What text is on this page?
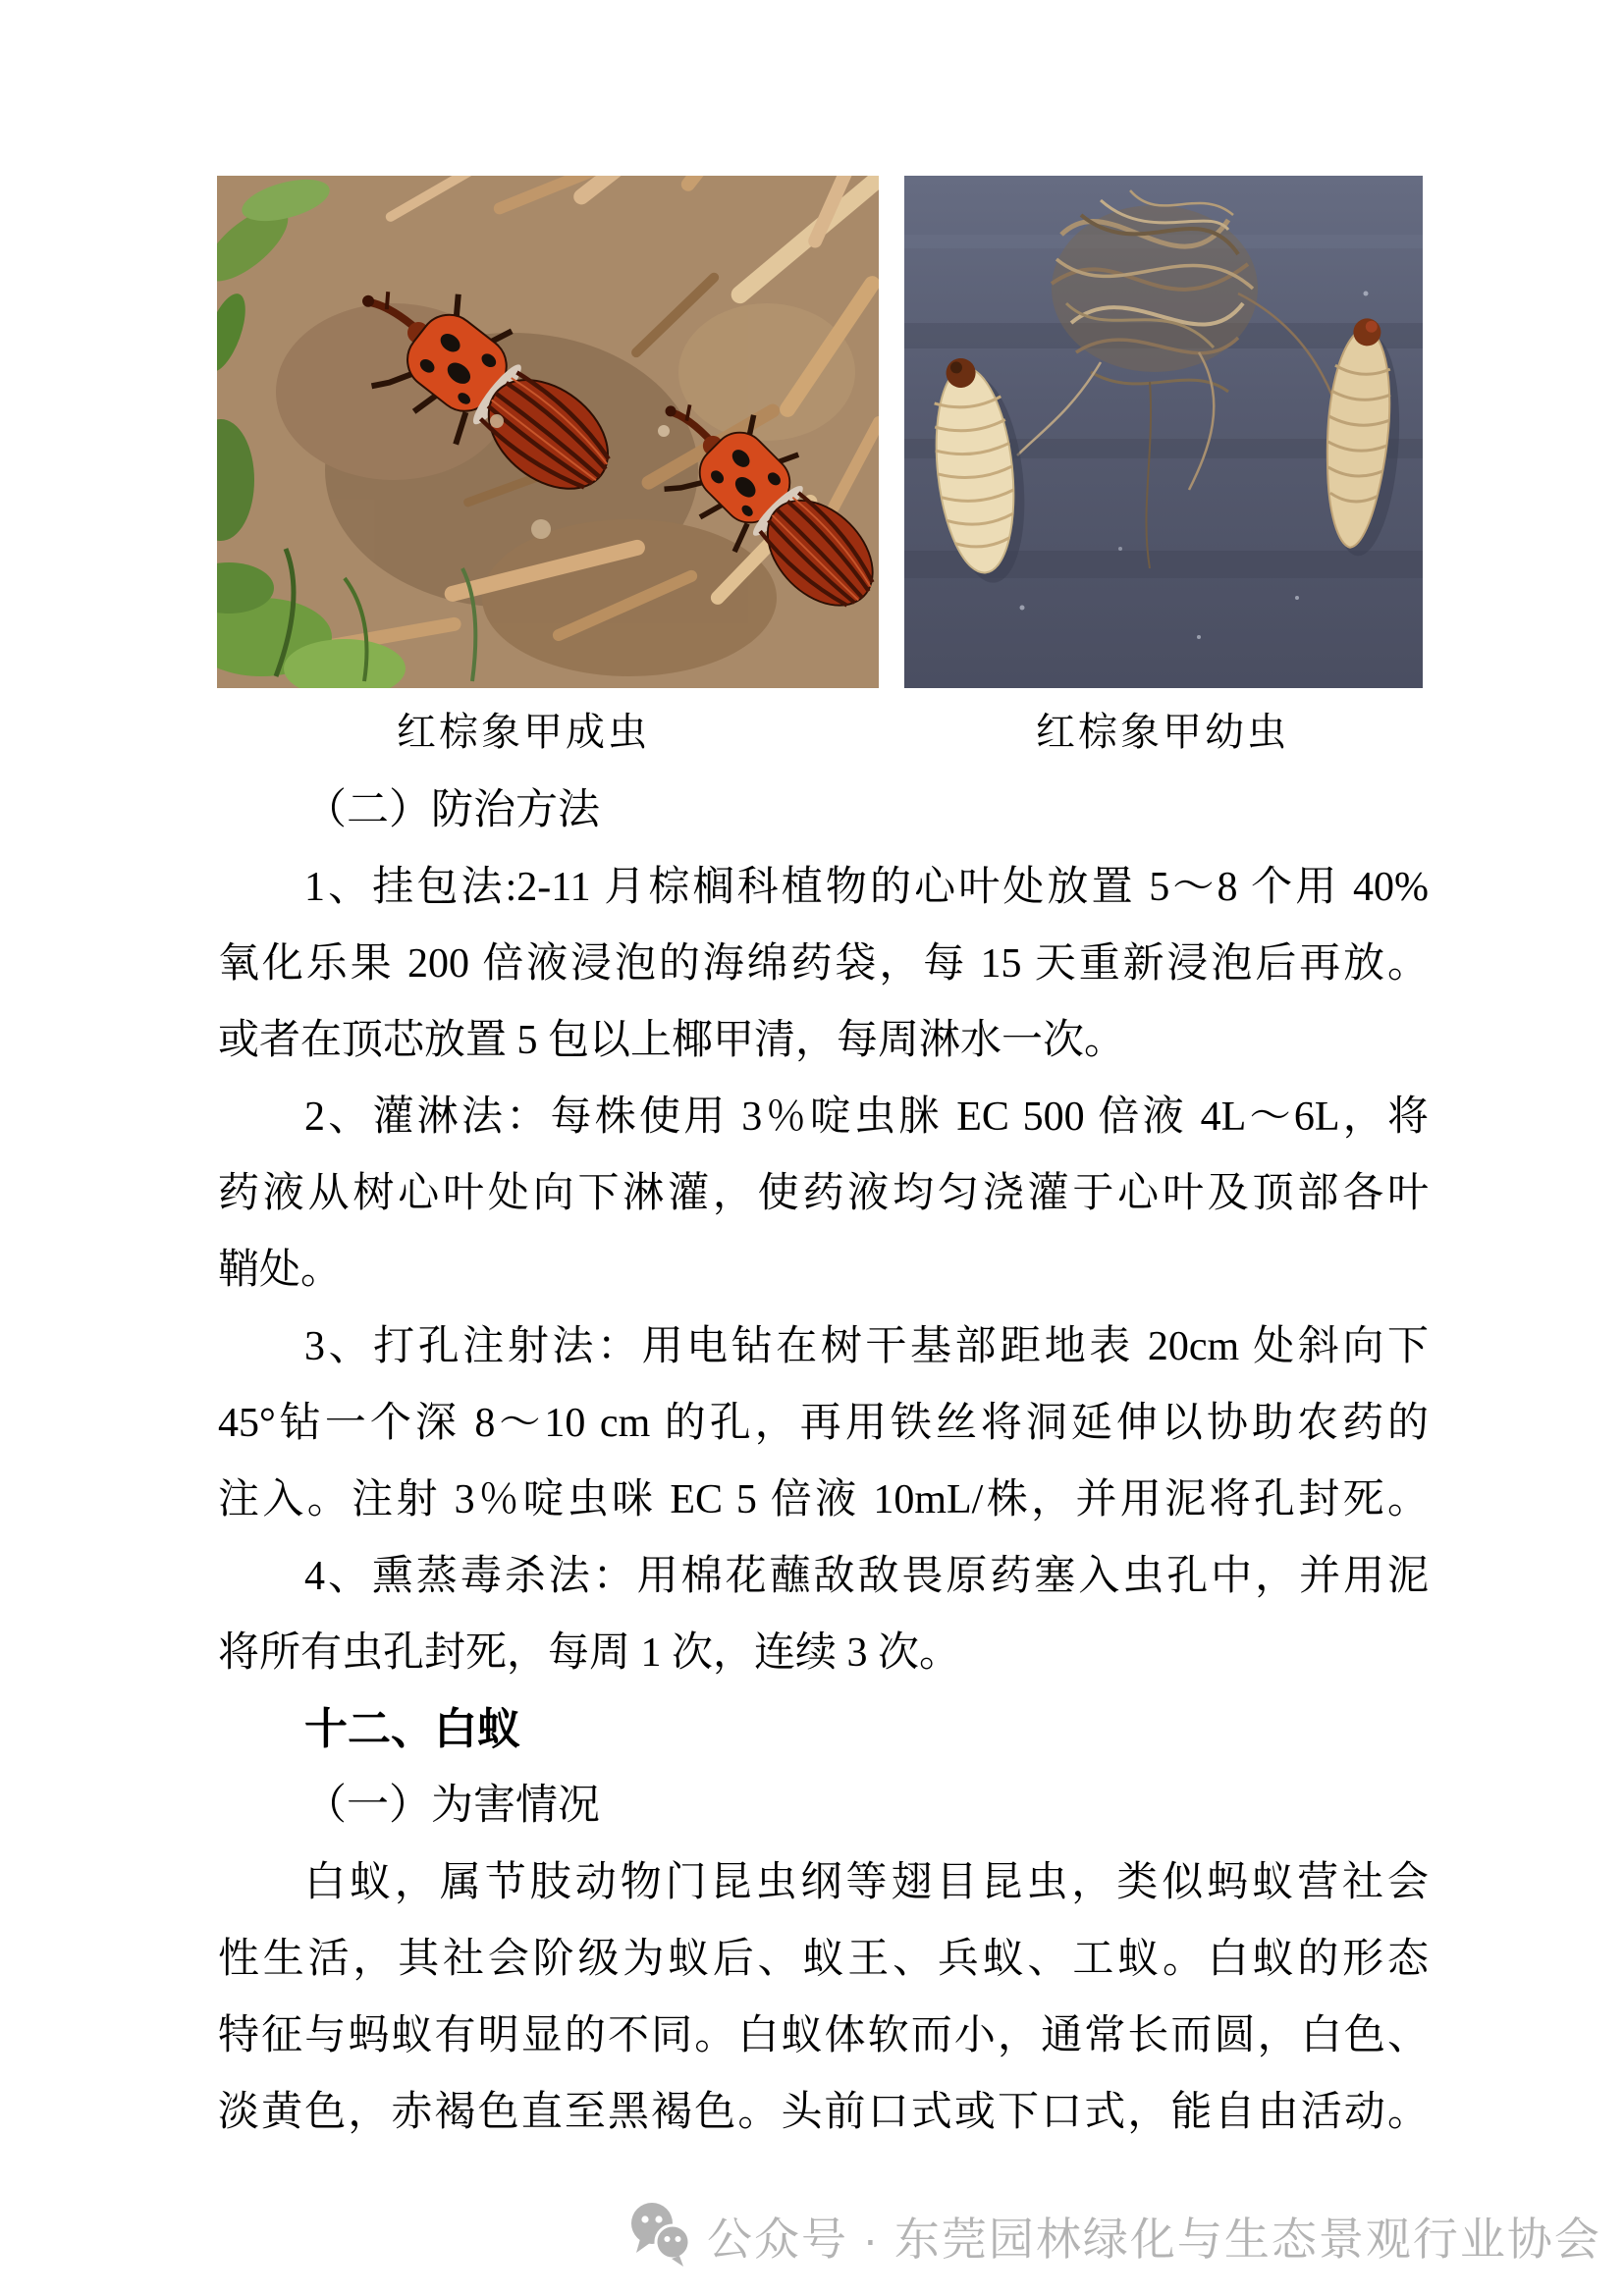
红棕象甲成虫	红棕象甲幼虫
（二）防治方法
1、挂包法:2-11 月棕榈科植物的心叶处放置 5～8 个用 40%
氧化乐果 200 倍液浸泡的海绵药袋，每 15 天重新浸泡后再放。
或者在顶芯放置 5 包以上椰甲清，每周淋水一次。
2、灌淋法：每株使用 3％啶虫脒 EC 500 倍液 4L～6L，将
药液从树心叶处向下淋灌，使药液均匀浇灌于心叶及顶部各叶
鞘处。
3、打孔注射法：用电钻在树干基部距地表 20cm 处斜向下
45°钻一个深 8～10 cm 的孔，再用铁丝将洞延伸以协助农药的
注入。注射 3％啶虫咪 EC 5 倍液 10mL/株，并用泥将孔封死。
4、熏蒸毒杀法：用棉花蘸敌敌畏原药塞入虫孔中，并用泥
将所有虫孔封死，每周 1 次，连续 3 次。
十二、白蚁
（一）为害情况
白蚁，属节肢动物门昆虫纲等翅目昆虫，类似蚂蚁营社会
性生活，其社会阶级为蚁后、蚁王、兵蚁、工蚁。白蚁的形态
特征与蚂蚁有明显的不同。白蚁体软而小，通常长而圆，白色、
淡黄色，赤褐色直至黑褐色。头前口式或下口式，能自由活动。
公众号 · 东莞园林绿化与生态景观行业协会
